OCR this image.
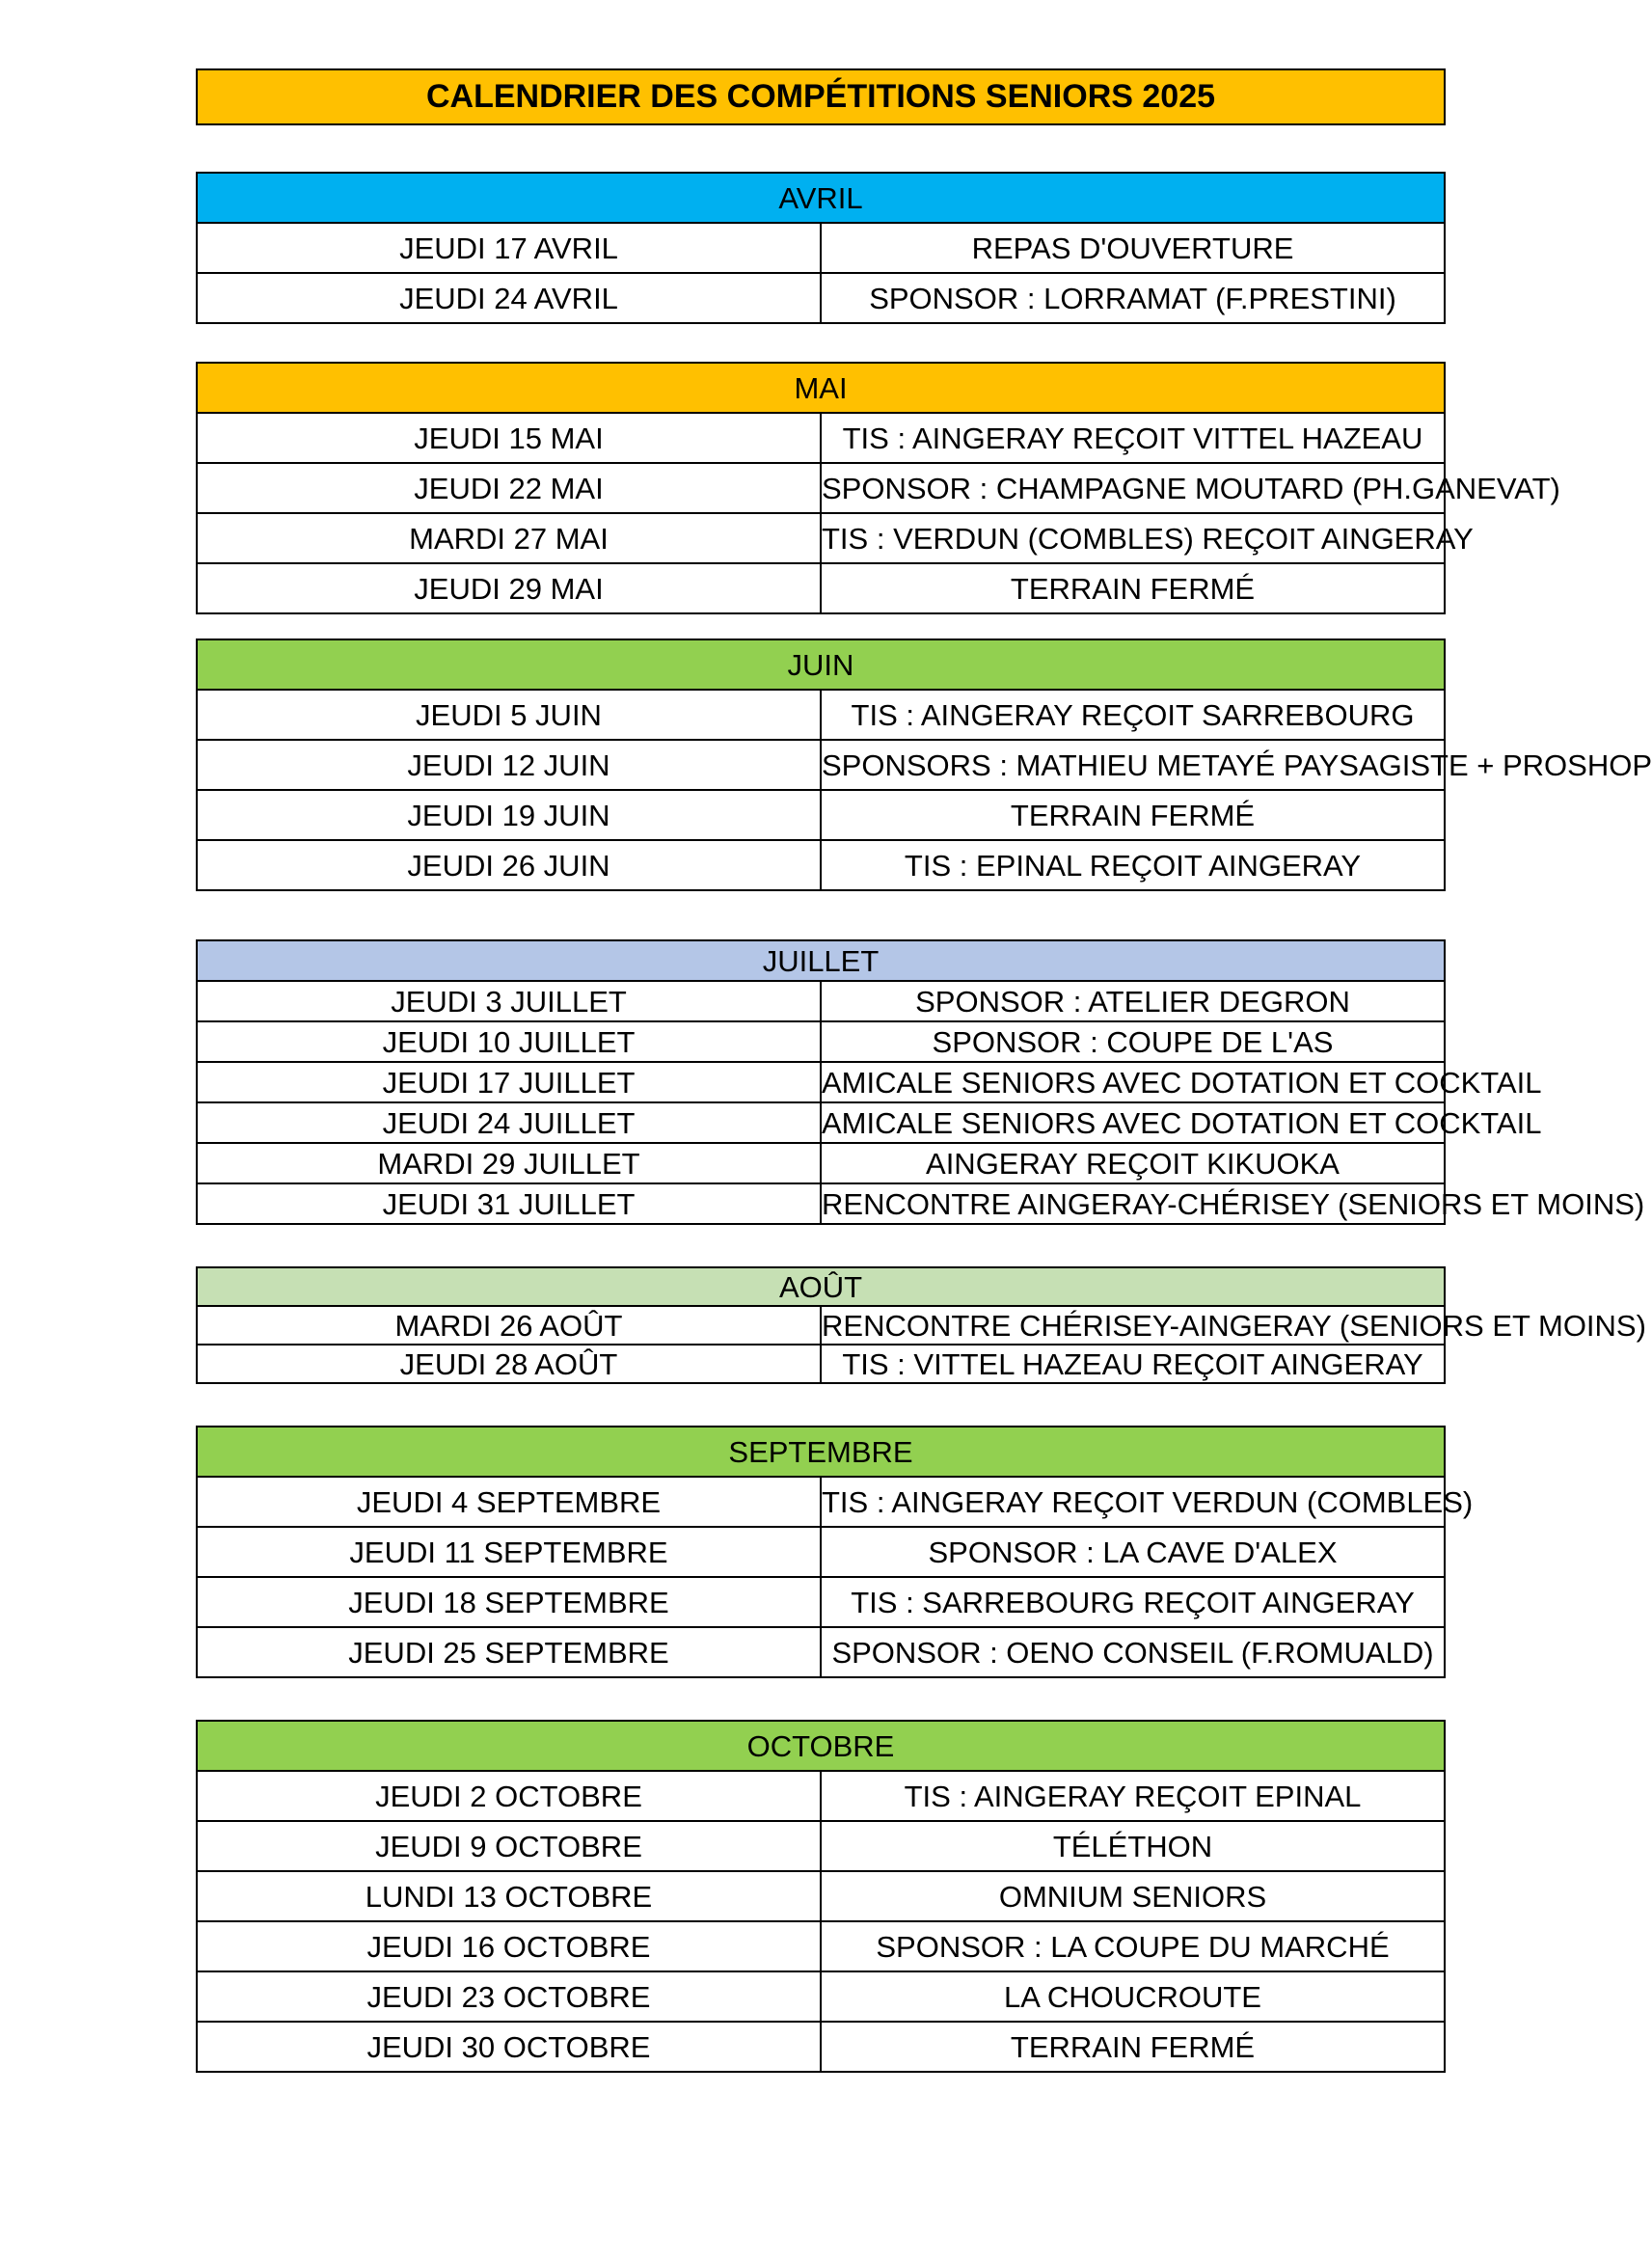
CALENDRIER DES COMPÉTITIONS SENIORS 2025
AVRIL	
JEUDI 17 AVRIL	REPAS D'OUVERTURE
JEUDI 24 AVRIL	SPONSOR : LORRAMAT (F.PRESTINI)
MAI	
JEUDI 15 MAI	TIS : AINGERAY REÇOIT VITTEL HAZEAU
JEUDI 22 MAI	SPONSOR : CHAMPAGNE MOUTARD (PH.GANEVAT)
MARDI 27 MAI	TIS : VERDUN (COMBLES) REÇOIT AINGERAY
JEUDI 29 MAI	TERRAIN FERMÉ
JUIN	
JEUDI 5 JUIN	TIS : AINGERAY REÇOIT SARREBOURG
JEUDI 12 JUIN	SPONSORS : MATHIEU METAYÉ PAYSAGISTE + PROSHOP
JEUDI 19 JUIN	TERRAIN FERMÉ
JEUDI 26 JUIN	TIS : EPINAL REÇOIT AINGERAY
JUILLET	
JEUDI 3 JUILLET	SPONSOR : ATELIER DEGRON
JEUDI 10 JUILLET	SPONSOR : COUPE DE L'AS
JEUDI 17 JUILLET	AMICALE SENIORS AVEC DOTATION ET COCKTAIL
JEUDI 24 JUILLET	AMICALE SENIORS AVEC DOTATION ET COCKTAIL
MARDI 29 JUILLET	AINGERAY REÇOIT KIKUOKA
JEUDI 31 JUILLET	RENCONTRE AINGERAY-CHÉRISEY (SENIORS ET MOINS)
AOÛT	
MARDI 26 AOÛT	RENCONTRE CHÉRISEY-AINGERAY (SENIORS ET MOINS)
JEUDI 28 AOÛT	TIS : VITTEL HAZEAU REÇOIT AINGERAY
SEPTEMBRE	
JEUDI 4 SEPTEMBRE	TIS : AINGERAY REÇOIT VERDUN (COMBLES)
JEUDI 11 SEPTEMBRE	SPONSOR : LA CAVE D'ALEX
JEUDI 18 SEPTEMBRE	TIS : SARREBOURG REÇOIT AINGERAY
JEUDI 25 SEPTEMBRE	SPONSOR : OENO CONSEIL (F.ROMUALD)
OCTOBRE	
JEUDI 2 OCTOBRE	TIS : AINGERAY REÇOIT EPINAL
JEUDI 9 OCTOBRE	TÉLÉTHON
LUNDI 13 OCTOBRE	OMNIUM SENIORS
JEUDI 16 OCTOBRE	SPONSOR : LA COUPE DU MARCHÉ
JEUDI 23 OCTOBRE	LA CHOUCROUTE
JEUDI 30 OCTOBRE	TERRAIN FERMÉ
